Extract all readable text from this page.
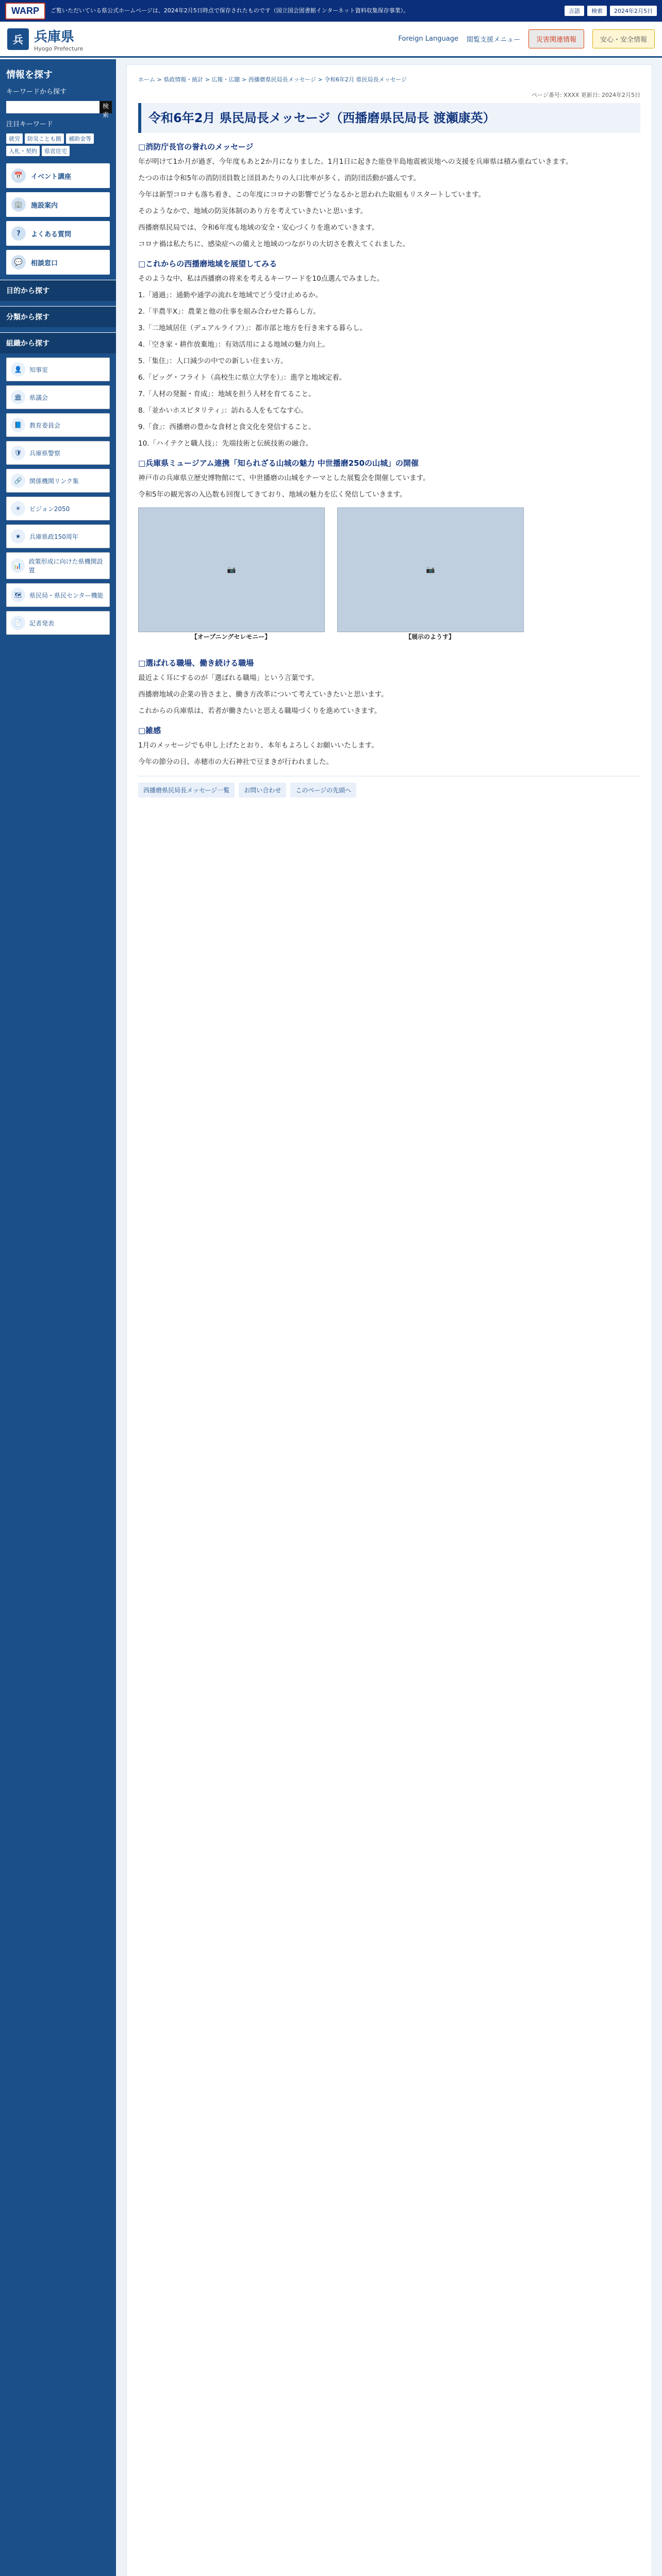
WARP	ご覧いただいている県公式ホームページは、2024年2月5日時点で保存されたものです（国立国会図書館インターネット資料収集保存事業）。	言語	検索	2024年2月5日
兵 兵庫県
Hyogo Prefecture
Foreign Language 閲覧支援メニュー	災害関連情報	安心・安全情報
情報を探す
キーワードから探す
検索
注目キーワード
就労	防災ことも館	補助金等
入札・契約	県営住宅
📅	イベント講座
🏢	施設案内
?	よくある質問
💬	相談窓口
目的から探す
分類から探す
組織から探す
👤	知事室
🏛	県議会
📘	教育委員会
🛡	兵庫県警察
🔗	関係機関リンク集
☀	ビジョン2050
★	兵庫県政150周年
📊
政策形成に向けた県機関設置
🗺	県民局・県民センター機能
📄	記者発表
ホーム > 県政情報・統計 > 広報・広聴 > 西播磨県民局長メッセージ > 令和6年2月 県民局長メッセージ
ページ番号: XXXX 更新日: 2024年2月5日
令和6年2月 県民局長メッセージ（西播磨県民局長 渡瀬康英）
□消防庁長官の誉れのメッセージ

年が明けて1か月が過ぎ、今年度もあと2か月になりました。1月1日に起きた能登半島地震被災地への支援を兵庫県は積み重ねていきます。

たつの市は令和5年の消防団員数と団員あたりの人口比率が多く、消防団活動が盛んです。

今年は新型コロナも落ち着き、この年度にコロナの影響でどうなるかと思われた取組もリスタートしています。

そのようなかで、地域の防災体制のあり方を考えていきたいと思います。

西播磨県民局では、令和6年度も地域の安全・安心づくりを進めていきます。

コロナ禍は私たちに、感染症への備えと地域のつながりの大切さを教えてくれました。

□これからの西播磨地域を展望してみる

そのような中、私は西播磨の将来を考えるキーワードを10点選んでみました。

1.「通過」：通勤や通学の流れを地域でどう受け止めるか。

2.「半農半X」：農業と他の仕事を組み合わせた暮らし方。

3.「二地域居住（デュアルライフ）」：都市部と地方を行き来する暮らし。

4.「空き家・耕作放棄地」：有効活用による地域の魅力向上。

5.「集住」：人口減少の中での新しい住まい方。

6.「ビッグ・フライト（高校生に県立大学を）」：進学と地域定着。

7.「人材の発掘・育成」：地域を担う人材を育てること。

8.「並かいホスピタリティ」：訪れる人をもてなす心。

9.「食」：西播磨の豊かな食材と食文化を発信すること。

10.「ハイテクと職人技」：先端技術と伝統技術の融合。

□兵庫県ミュージアム連携「知られざる山城の魅力 中世播磨250の山城」の開催

神戸市の兵庫県立歴史博物館にて、中世播磨の山城をテーマとした展覧会を開催しています。

令和5年の観光客の入込数も回復してきており、地域の魅力を広く発信していきます。

📷
【オープニングセレモニー】
📷
【展示のようす】
□選ばれる職場、働き続ける職場

最近よく耳にするのが「選ばれる職場」という言葉です。

西播磨地域の企業の皆さまと、働き方改革について考えていきたいと思います。

これからの兵庫県は、若者が働きたいと思える職場づくりを進めていきます。

□雑感

1月のメッセージでも申し上げたとおり、本年もよろしくお願いいたします。

今年の節分の日、赤穂市の大石神社で豆まきが行われました。

西播磨県民局長メッセージ一覧	お問い合わせ	このページの先頭へ
